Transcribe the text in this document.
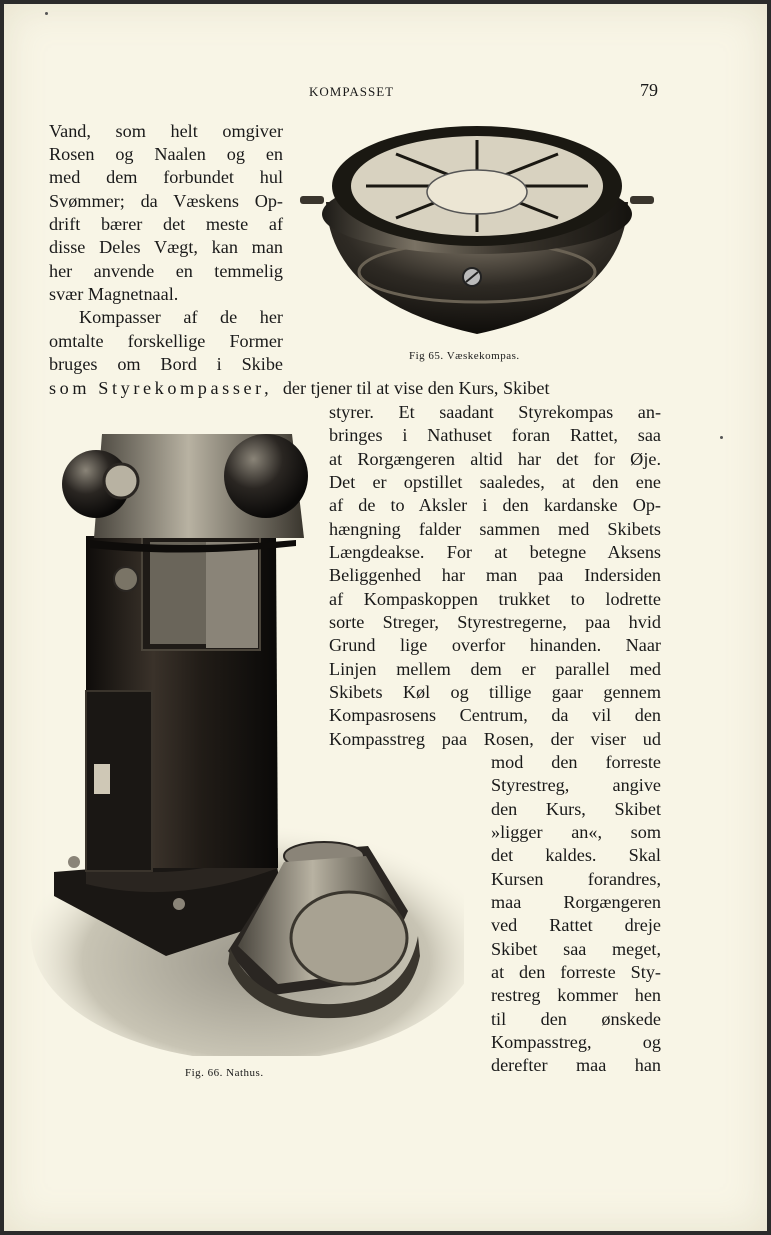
KOMPASSET	79
Fig 65. Væskekompas.
Vand, som helt omgiver
Rosen og Naalen og en
med dem forbundet hul
Svømmer; da Væskens Op-
drift bærer det meste af
disse Deles Vægt, kan man
her anvende en temmelig
svær Magnetnaal.
Kompasser af de her
omtalte forskellige Former
bruges om Bord i Skibe
som Styrekompasser, der tjener til at vise den Kurs, Skibet
Fig. 66. Nathus.
styrer. Et saadant Styrekompas an-
bringes i Nathuset foran Rattet, saa
at Rorgængeren altid har det for Øje.
Det er opstillet saaledes, at den ene
af de to Aksler i den kardanske Op-
hængning falder sammen med Skibets
Længdeakse. For at betegne Aksens
Beliggenhed har man paa Indersiden
af Kompaskoppen trukket to lodrette
sorte Streger, Styrestregerne, paa hvid
Grund lige overfor hinanden. Naar
Linjen mellem dem er parallel med
Skibets Køl og tillige gaar gennem
Kompasrosens Centrum, da vil den
Kompasstreg paa Rosen, der viser ud
mod den forreste
Styrestreg, angive
den Kurs, Skibet
»ligger an«, som
det kaldes. Skal
Kursen forandres,
maa Rorgængeren
ved Rattet dreje
Skibet saa meget,
at den forreste Sty-
restreg kommer hen
til den ønskede
Kompasstreg, og
derefter maa han
